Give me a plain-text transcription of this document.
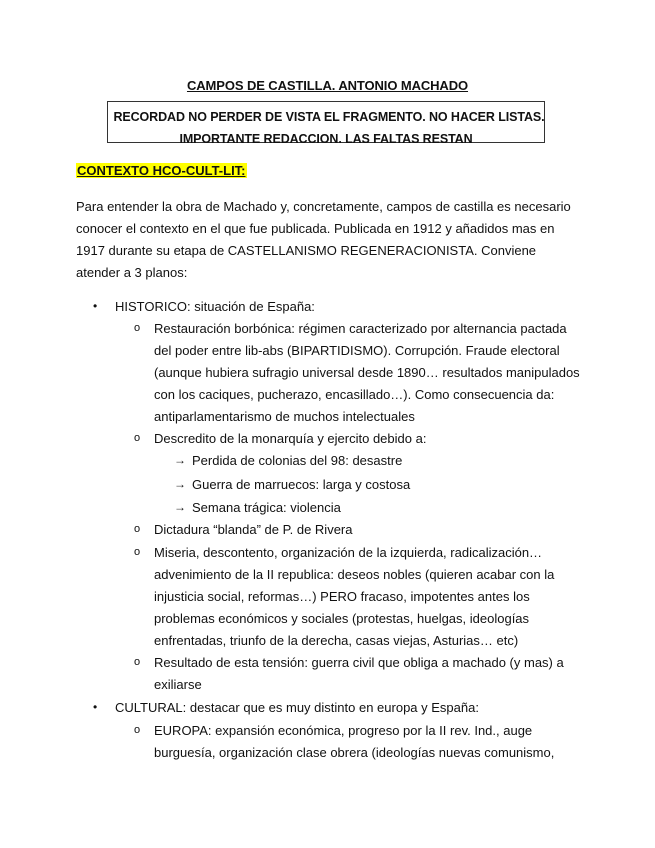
CAMPOS DE CASTILLA. ANTONIO MACHADO
RECORDAD NO PERDER DE VISTA EL FRAGMENTO. NO HACER LISTAS.
IMPORTANTE REDACCION. LAS FALTAS RESTAN
CONTEXTO HCO-CULT-LIT:
Para entender la obra de Machado y, concretamente, campos de castilla es necesario
conocer el contexto en el que fue publicada. Publicada en 1912 y añadidos mas en
1917 durante su etapa de CASTELLANISMO REGENERACIONISTA. Conviene
atender a 3 planos:
• HISTORICO: situación de España:
o Restauración borbónica: régimen caracterizado por alternancia pactada
del poder entre lib-abs (BIPARTIDISMO). Corrupción. Fraude electoral
(aunque hubiera sufragio universal desde 1890… resultados manipulados
con los caciques, pucherazo, encasillado…). Como consecuencia da:
antiparlamentarismo de muchos intelectuales
o Descredito de la monarquía y ejercito debido a:
→ Perdida de colonias del 98: desastre
→ Guerra de marruecos: larga y costosa
→ Semana trágica: violencia
o Dictadura “blanda” de P. de Rivera
o Miseria, descontento, organización de la izquierda, radicalización…
advenimiento de la II republica: deseos nobles (quieren acabar con la
injusticia social, reformas…) PERO fracaso, impotentes antes los
problemas económicos y sociales (protestas, huelgas, ideologías
enfrentadas, triunfo de la derecha, casas viejas, Asturias… etc)
o Resultado de esta tensión: guerra civil que obliga a machado (y mas) a
exiliarse
• CULTURAL: destacar que es muy distinto en europa y España:
o EUROPA: expansión económica, progreso por la II rev. Ind., auge
burguesía, organización clase obrera (ideologías nuevas comunismo,
